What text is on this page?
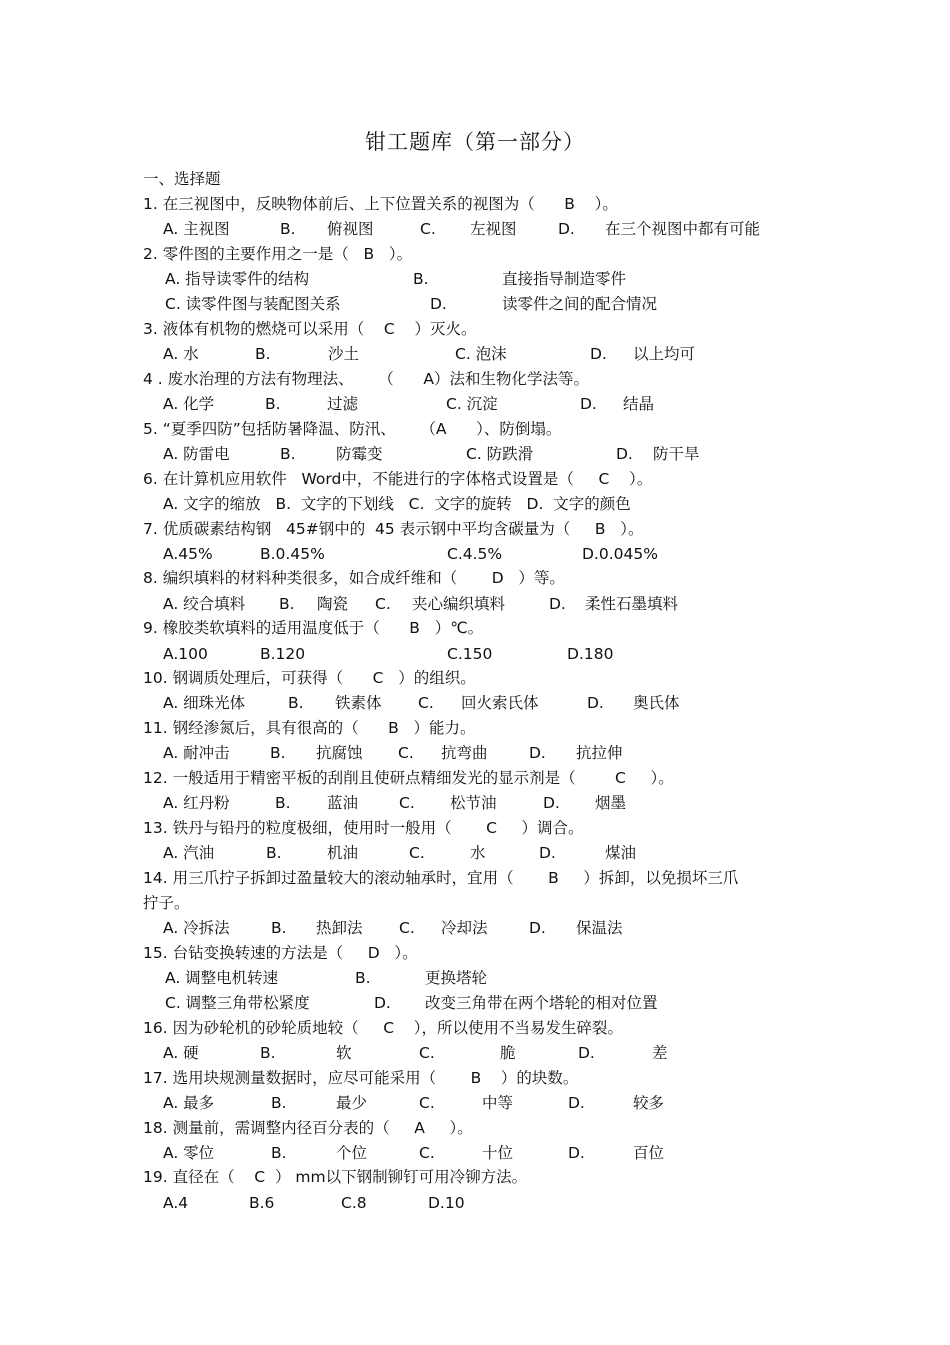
钳工题库（第一部分）
一、选择题
1. 在三视图中，反映物体前后、上下位置关系的视图为（      B    ）。
A. 主视图	B. 俯视图	C. 左视图	D. 在三个视图中都有可能
2. 零件图的主要作用之一是（   B   ）。
A. 指导读零件的结构	B.	直接指导制造零件
C. 读零件图与装配图关系	D.	读零件之间的配合情况
3. 液体有机物的燃烧可以采用（    C    ）灭火。
A. 水	B.	沙土	C. 泡沫	D. 以上均可
4 . 废水治理的方法有物理法、     （      A）法和生物化学法等。
A. 化学	B.	过滤	C. 沉淀	D. 结晶
5. “夏季四防”包括防暑降温、防汛、     （A      ）、防倒塌。
A. 防雷电	B.	防霉变	C. 防跌滑	D. 防干旱
6. 在计算机应用软件   Word中，不能进行的字体格式设置是（     C    ）。
A. 文字的缩放   B.  文字的下划线   C.  文字的旋转   D.  文字的颜色
7. 优质碳素结构钢   45#钢中的  45 表示钢中平均含碳量为（     B   ）。
A.45%	B.0.45%	C.4.5%	D.0.045%
8. 编织填料的材料种类很多，如合成纤维和（       D   ）等。
A. 绞合填料 B. 陶瓷 C. 夹心编织填料	D. 柔性石墨填料
9. 橡胶类软填料的适用温度低于（      B   ）℃。
A.100	B.120	C.150	D.180
10. 钢调质处理后，可获得（      C   ）的组织。
A. 细珠光体	B. 铁素体 C. 回火索氏体	D. 奥氏体
11. 钢经渗氮后，具有很高的（      B   ）能力。
A. 耐冲击	B. 抗腐蚀 C. 抗弯曲	D. 抗拉伸
12. 一般适用于精密平板的刮削且使研点精细发光的显示剂是（        C     ）。
A. 红丹粉	B. 蓝油	C. 松节油	D. 烟墨
13. 铁丹与铅丹的粒度极细，使用时一般用（       C     ）调合。
A. 汽油	B.	机油	C.	水	D.	煤油
14. 用三爪拧子拆卸过盈量较大的滚动轴承时，宜用（       B     ）拆卸，以免损坏三爪
拧子。
A. 冷拆法	B. 热卸法 C. 冷却法	D. 保温法
15. 台钻变换转速的方法是（     D   ）。
A. 调整电机转速	B.	更换塔轮
C. 调整三角带松紧度	D. 改变三角带在两个塔轮的相对位置
16. 因为砂轮机的砂轮质地较（     C    ），所以使用不当易发生碎裂。
A. 硬	B.	软	C.	脆	D.	差
17. 选用块规测量数据时，应尽可能采用（       B    ）的块数。
A. 最多	B.	最少	C.	中等	D.	较多
18. 测量前，需调整内径百分表的（     A     ）。
A. 零位	B.	个位	C.	十位	D.	百位
19. 直径在（    C  ） mm以下钢制铆钉可用冷铆方法。
A.4	B.6	C.8	D.10
